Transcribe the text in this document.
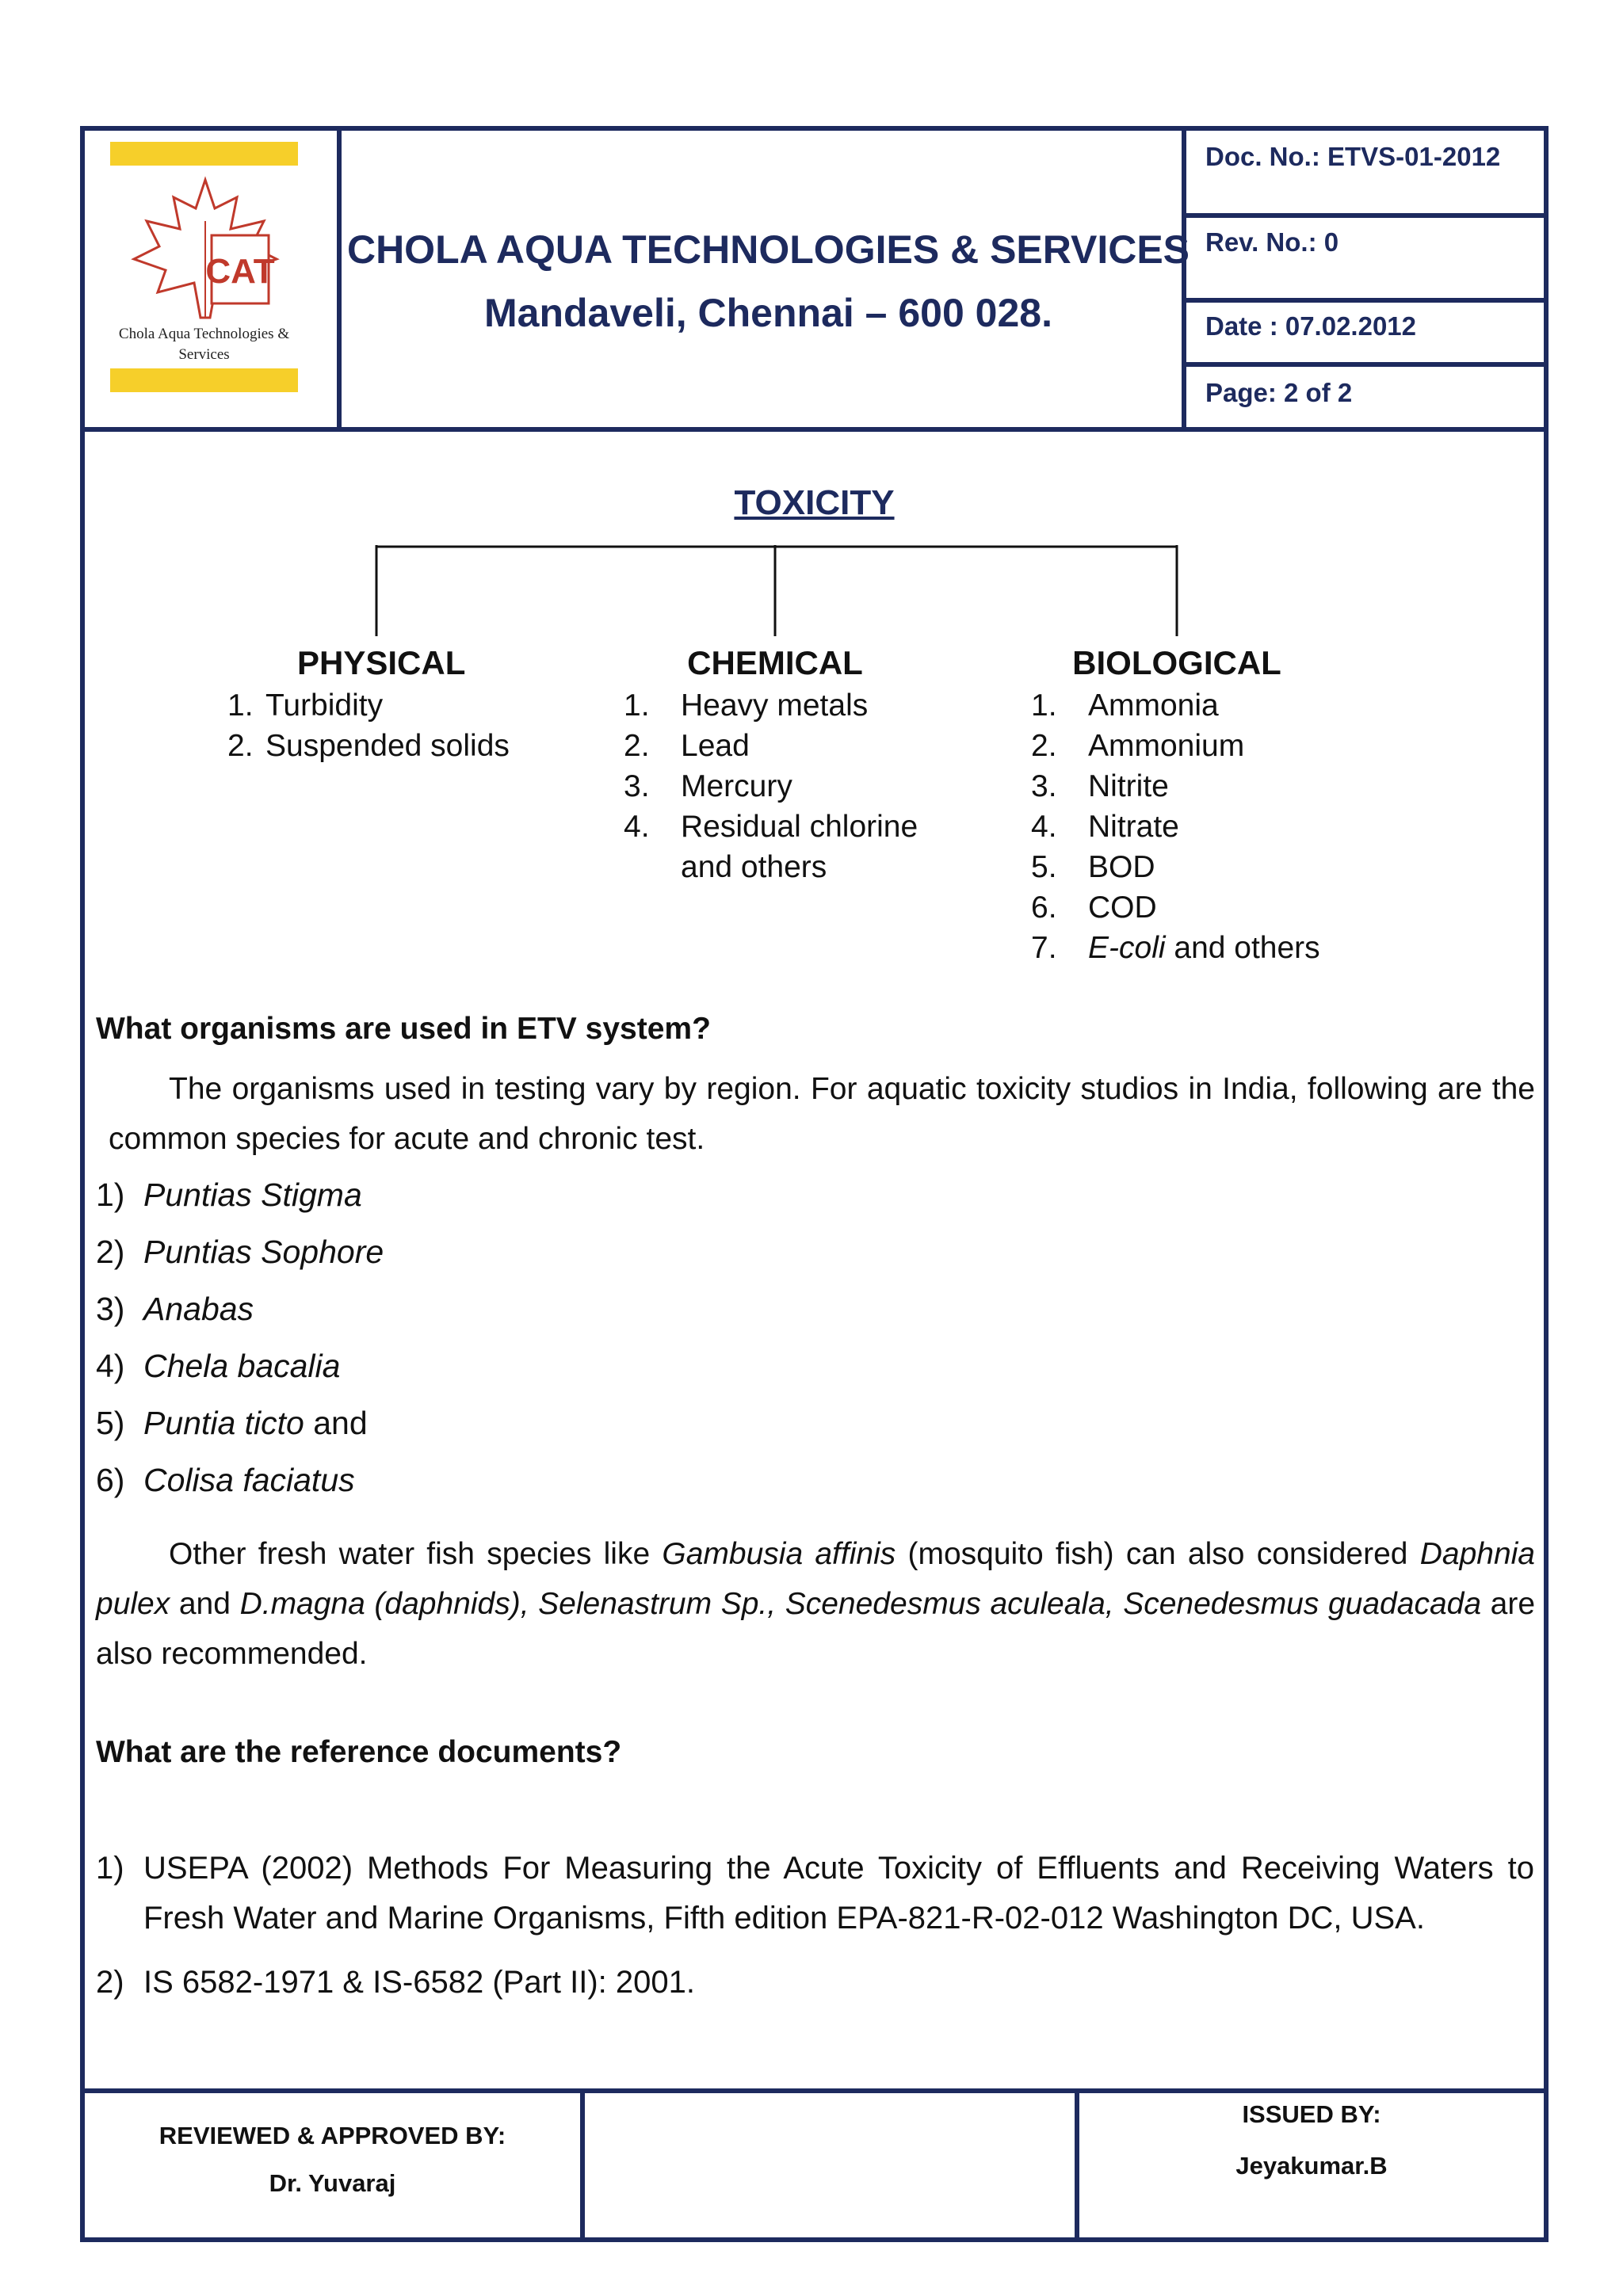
CAT
Chola Aqua Technologies &
Services
CHOLA AQUA TECHNOLOGIES & SERVICES
Mandaveli, Chennai – 600 028.
Doc. No.: ETVS-01-2012
Rev. No.: 0
Date : 07.02.2012
Page: 2 of 2
TOXICITY
PHYSICAL
1. Turbidity
2. Suspended solids
CHEMICAL
1. Heavy metals
2. Lead
3. Mercury
4. Residual chlorine
and others
BIOLOGICAL
1. Ammonia
2. Ammonium
3. Nitrite
4. Nitrate
5. BOD
6. COD
7. E-coli and others
What organisms are used in ETV system?
The organisms used in testing vary by region. For aquatic toxicity studios in India, following are the common species for acute and chronic test.
1) Puntias Stigma
2) Puntias Sophore
3) Anabas
4) Chela bacalia
5) Puntia ticto and
6) Colisa faciatus
Other fresh water fish species like Gambusia affinis (mosquito fish) can also considered Daphnia pulex and D.magna (daphnids), Selenastrum Sp., Scenedesmus aculeala, Scenedesmus guadacada are also recommended.
What are the reference documents?
1) USEPA (2002) Methods For Measuring the Acute Toxicity of Effluents and Receiving Waters to Fresh Water and Marine Organisms, Fifth edition EPA-821-R-02-012 Washington DC, USA.
2) IS 6582-1971 & IS-6582 (Part II): 2001.
REVIEWED & APPROVED BY:
Dr. Yuvaraj
ISSUED BY:
Jeyakumar.B
